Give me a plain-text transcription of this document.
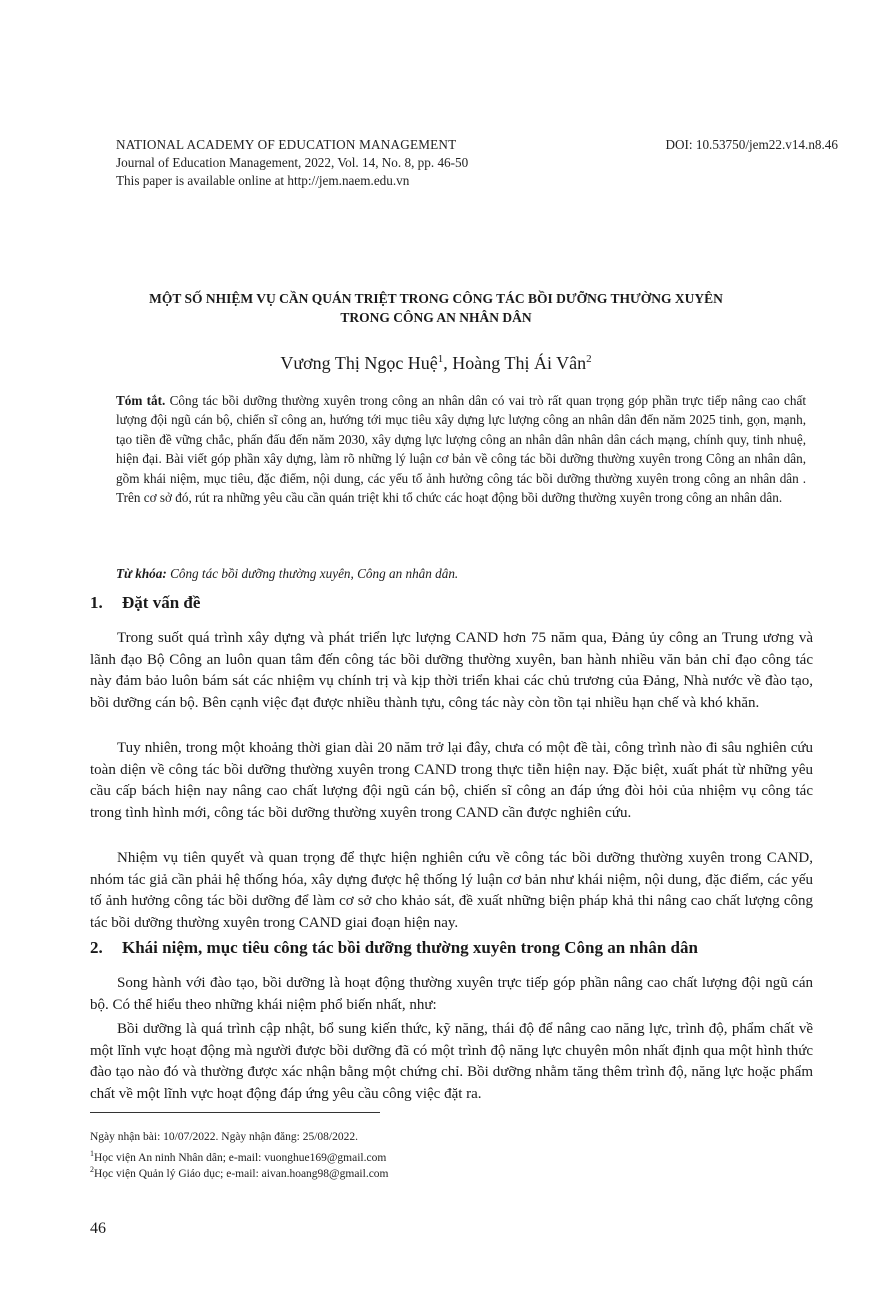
NATIONAL ACADEMY OF EDUCATION MANAGEMENT
Journal of Education Management, 2022, Vol. 14, No. 8, pp. 46-50
This paper is available online at http://jem.naem.edu.vn
DOI: 10.53750/jem22.v14.n8.46
MỘT SỐ NHIỆM VỤ CẦN QUÁN TRIỆT TRONG CÔNG TÁC BỒI DƯỠNG THƯỜNG XUYÊN
TRONG CÔNG AN NHÂN DÂN
Vương Thị Ngọc Huệ$^1$, Hoàng Thị Ái Vân$^2$
Tóm tắt. Công tác bồi dưỡng thường xuyên trong công an nhân dân có vai trò rất quan trọng góp phần trực tiếp nâng cao chất lượng đội ngũ cán bộ, chiến sĩ công an, hướng tới mục tiêu xây dựng lực lượng công an nhân dân đến năm 2025 tinh, gọn, mạnh, tạo tiền đề vững chắc, phấn đấu đến năm 2030, xây dựng lực lượng công an nhân dân nhân dân cách mạng, chính quy, tinh nhuệ, hiện đại. Bài viết góp phần xây dựng, làm rõ những lý luận cơ bản về công tác bồi dưỡng thường xuyên trong Công an nhân dân, gồm khái niệm, mục tiêu, đặc điểm, nội dung, các yếu tố ảnh hưởng công tác bồi dưỡng thường xuyên trong công an nhân dân . Trên cơ sở đó, rút ra những yêu cầu cần quán triệt khi tổ chức các hoạt động bồi dưỡng thường xuyên trong công an nhân dân.
Từ khóa: Công tác bồi dưỡng thường xuyên, Công an nhân dân.
1. Đặt vấn đề
Trong suốt quá trình xây dựng và phát triển lực lượng CAND hơn 75 năm qua, Đảng ủy công an Trung ương và lãnh đạo Bộ Công an luôn quan tâm đến công tác bồi dưỡng thường xuyên, ban hành nhiều văn bản chỉ đạo công tác này đảm bảo luôn bám sát các nhiệm vụ chính trị và kịp thời triển khai các chủ trương của Đảng, Nhà nước về đào tạo, bồi dưỡng cán bộ. Bên cạnh việc đạt được nhiều thành tựu, công tác này còn tồn tại nhiều hạn chế và khó khăn.
Tuy nhiên, trong một khoảng thời gian dài 20 năm trở lại đây, chưa có một đề tài, công trình nào đi sâu nghiên cứu toàn diện về công tác bồi dưỡng thường xuyên trong CAND trong thực tiễn hiện nay. Đặc biệt, xuất phát từ những yêu cầu cấp bách hiện nay nâng cao chất lượng đội ngũ cán bộ, chiến sĩ công an đáp ứng đòi hỏi của nhiệm vụ công tác trong tình hình mới, công tác bồi dưỡng thường xuyên trong CAND cần được nghiên cứu.
Nhiệm vụ tiên quyết và quan trọng để thực hiện nghiên cứu về công tác bồi dưỡng thường xuyên trong CAND, nhóm tác giả cần phải hệ thống hóa, xây dựng được hệ thống lý luận cơ bản như khái niệm, nội dung, đặc điểm, các yếu tố ảnh hưởng công tác bồi dưỡng để làm cơ sở cho khảo sát, đề xuất những biện pháp khả thi nâng cao chất lượng công tác bồi dưỡng thường xuyên trong CAND giai đoạn hiện nay.
2. Khái niệm, mục tiêu công tác bồi dưỡng thường xuyên trong Công an nhân dân
Song hành với đào tạo, bồi dưỡng là hoạt động thường xuyên trực tiếp góp phần nâng cao chất lượng đội ngũ cán bộ. Có thể hiểu theo những khái niệm phổ biến nhất, như:
Bồi dưỡng là quá trình cập nhật, bổ sung kiến thức, kỹ năng, thái độ để nâng cao năng lực, trình độ, phẩm chất về một lĩnh vực hoạt động mà người được bồi dưỡng đã có một trình độ năng lực chuyên môn nhất định qua một hình thức đào tạo nào đó và thường được xác nhận bằng một chứng chỉ. Bồi dưỡng nhằm tăng thêm trình độ, năng lực hoặc phẩm chất về một lĩnh vực hoạt động đáp ứng yêu cầu công việc đặt ra.
Ngày nhận bài: 10/07/2022. Ngày nhận đăng: 25/08/2022.
$^1$Học viện An ninh Nhân dân; e-mail: vuonghue169@gmail.com
$^2$Học viện Quản lý Giáo dục; e-mail: aivan.hoang98@gmail.com
46
